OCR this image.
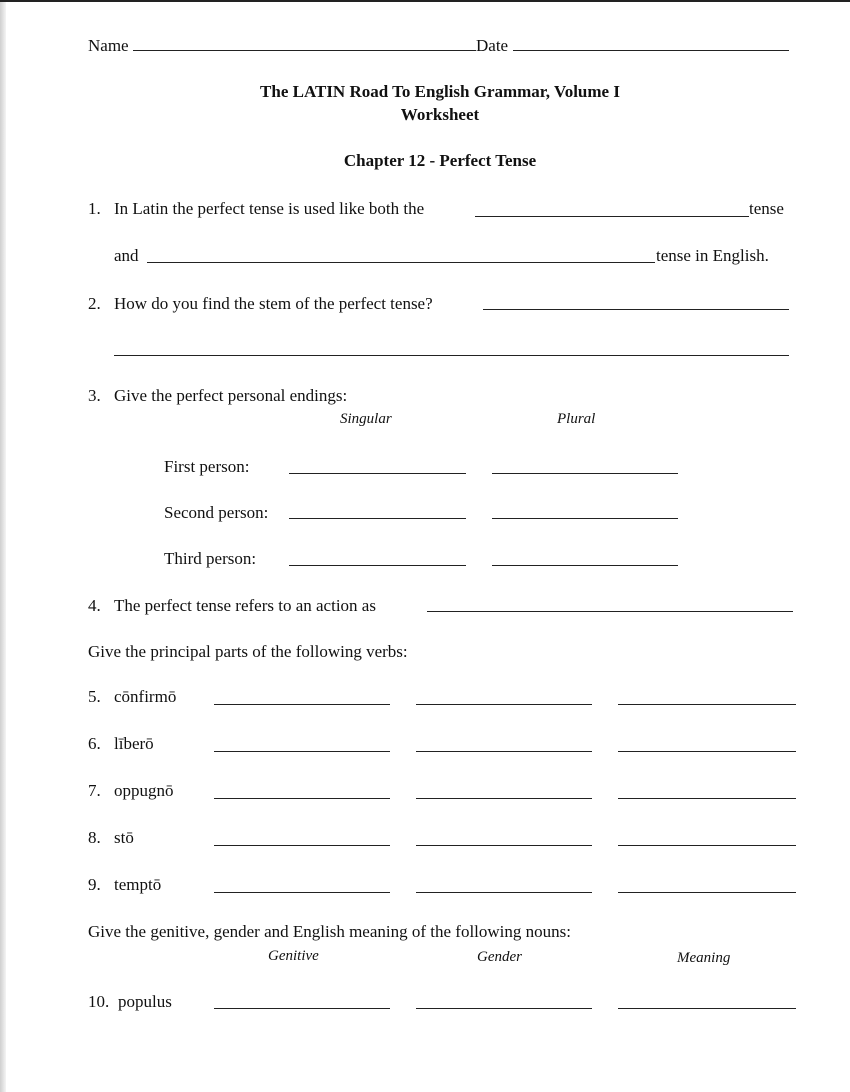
Name	Date
The LATIN Road To English Grammar, Volume I
Worksheet
Chapter 12 - Perfect Tense
1. In Latin the perfect tense is used like both the	tense
and	tense in English.
2. How do you find the stem of the perfect tense?
3. Give the perfect personal endings:
Singular	Plural
First person:
Second person:
Third person:
4. The perfect tense refers to an action as
Give the principal parts of the following verbs:
5. cōnfirmō
6. līberō
7. oppugnō
8. stō
9. temptō
Give the genitive, gender and English meaning of the following nouns:
Genitive	Gender	Meaning
10. populus
